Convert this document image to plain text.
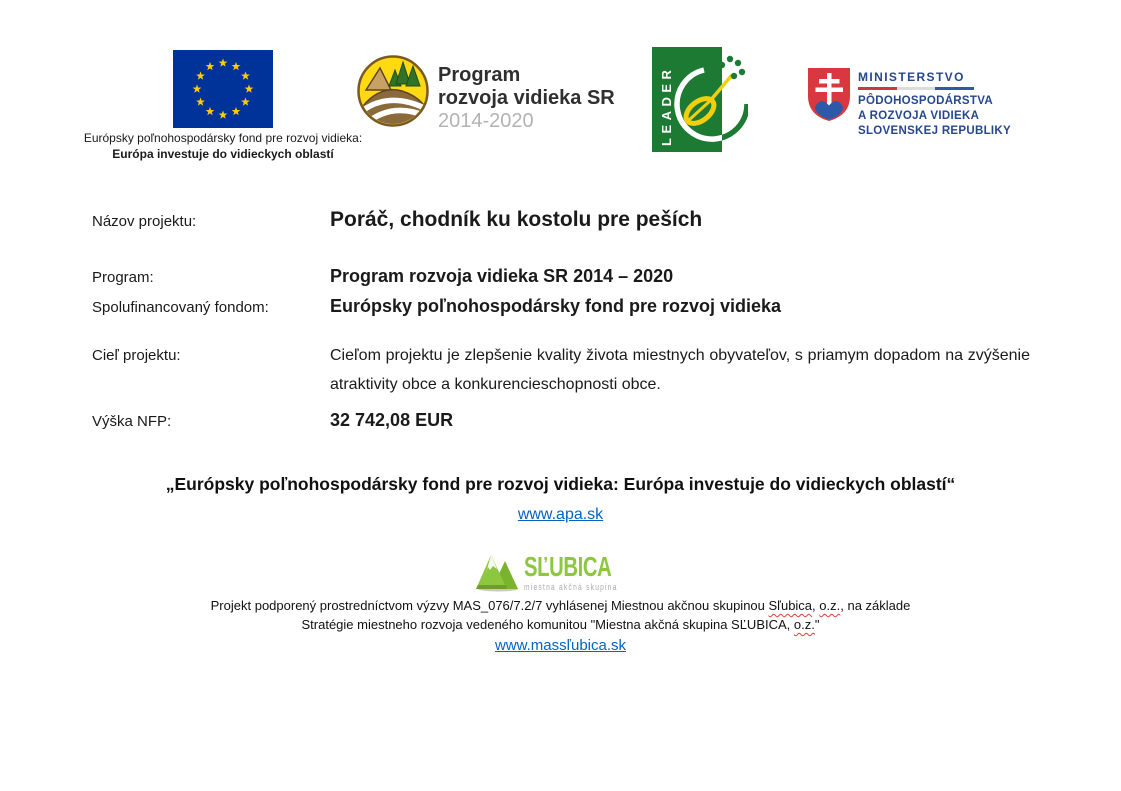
Európsky poľnohospodársky fond pre rozvoj vidieka:
Európa investuje do vidieckych oblastí
Program
rozvoja vidieka SR
2014-2020	LEADER	MINISTERSTVO
PÔDOHOSPODÁRSTVA
A ROZVOJA VIDIEKA
SLOVENSKEJ REPUBLIKY
Názov projektu:	Poráč, chodník ku kostolu pre peších
Program:	Program rozvoja vidieka SR 2014 – 2020
Spolufinancovaný fondom:	Európsky poľnohospodársky fond pre rozvoj vidieka
Cieľ projektu:	Cieľom projektu je zlepšenie kvality života miestnych obyvateľov, s priamym dopadom na zvýšenie atraktivity obce a konkurencieschopnosti obce.
Výška NFP:	32 742,08 EUR
„Európsky poľnohospodársky fond pre rozvoj vidieka: Európa investuje do vidieckych oblastí“
www.apa.sk
SĽUBICA
miestna akčná skupina
Projekt podporený prostredníctvom výzvy MAS_076/7.2/7 vyhlásenej Miestnou akčnou skupinou Sľubica, o.z., na základe
Stratégie miestneho rozvoja vedeného komunitou "Miestna akčná skupina SĽUBICA, o.z."
www.massľubica.sk
